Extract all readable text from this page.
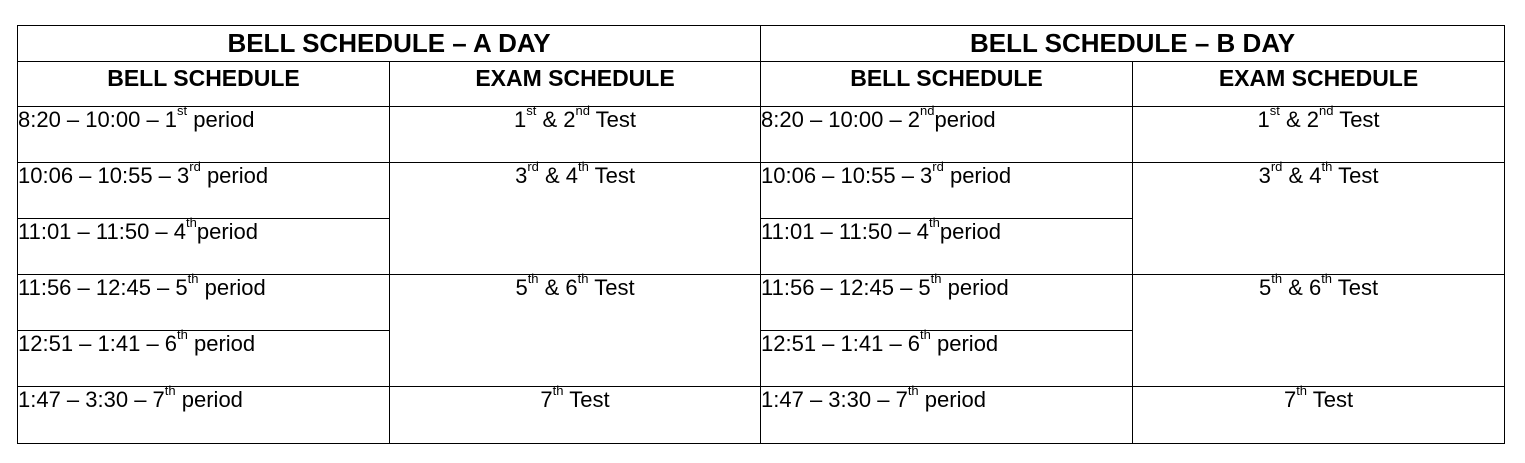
BELL SCHEDULE – A DAY		BELL SCHEDULE – B DAY	
BELL SCHEDULE	EXAM SCHEDULE	BELL SCHEDULE	EXAM SCHEDULE
8:20 – 10:00 – 1st period	1st & 2nd Test	8:20 – 10:00 – 2ndperiod	1st & 2nd Test
10:06 – 10:55 – 3rd period	3rd & 4th Test	10:06 – 10:55 – 3rd period	3rd & 4th Test
11:01 – 11:50 – 4thperiod		11:01 – 11:50 – 4thperiod	
11:56 – 12:45 – 5th period	5th & 6th Test	11:56 – 12:45 – 5th period	5th & 6th Test
12:51 – 1:41 – 6th period		12:51 – 1:41 – 6th period	
1:47 – 3:30 – 7th period	7th Test	1:47 – 3:30 – 7th period	7th Test
